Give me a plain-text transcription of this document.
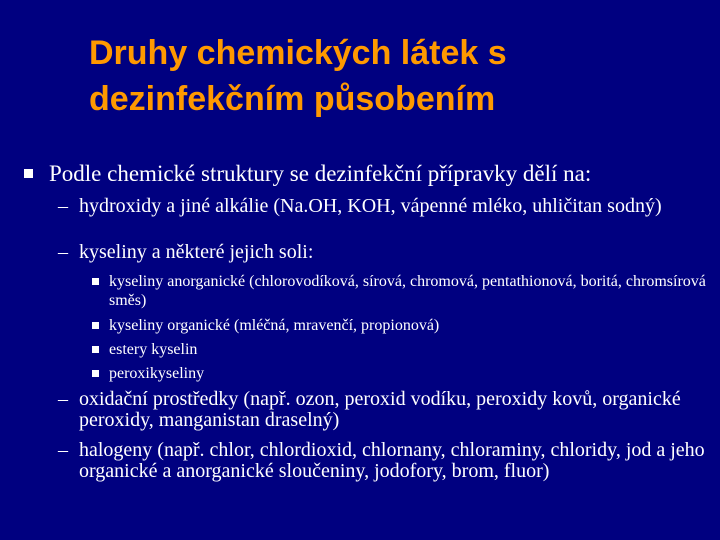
Druhy chemických látek s
dezinfekčním působením
Podle chemické struktury se dezinfekční přípravky dělí na:
– hydroxidy a jiné alkálie (Na.OH, KOH, vápenné mléko, uhličitan sodný)
– kyseliny a některé jejich soli:
kyseliny anorganické (chlorovodíková, sírová, chromová, pentathionová, boritá, chromsírová směs)
kyseliny organické (mléčná, mravenčí, propionová)
estery kyselin
peroxikyseliny
– oxidační prostředky (např. ozon, peroxid vodíku, peroxidy kovů, organické peroxidy, manganistan draselný)
– halogeny (např. chlor, chlordioxid, chlornany, chloraminy, chloridy, jod a jeho organické a anorganické sloučeniny, jodofory, brom, fluor)
